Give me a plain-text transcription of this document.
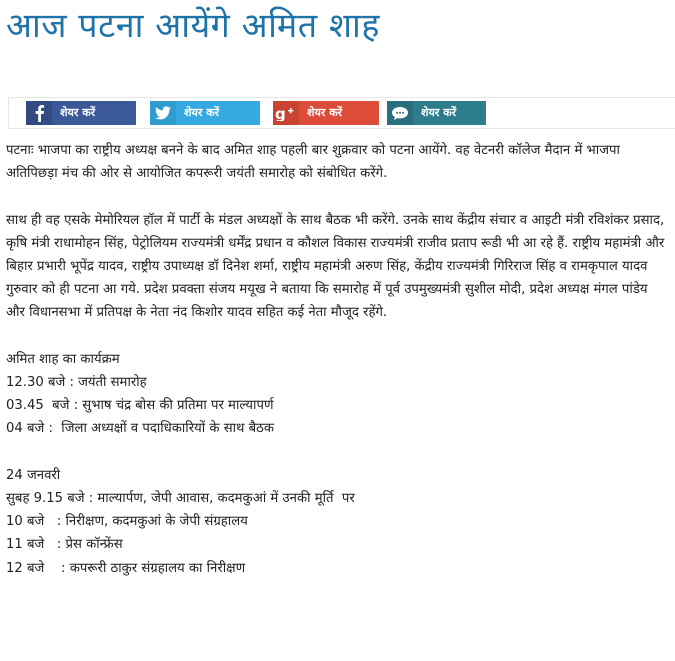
आज पटना आयेंगे अमित शाह
शेयर करें	शेयर करें	g शेयर करें	शेयर करें

पटनाः भाजपा का राष्ट्रीय अध्यक्ष बनने के बाद अमित शाह पहली बार शुक्रवार को पटना आयेंगे. वह वेटनरी कॉलेज मैदान में भाजपा अतिपिछड़ा मंच की ओर से आयोजित कपरूरी जयंती समारोह को संबोधित करेंगे.

साथ ही वह एसके मेमोरियल हॉल में पार्टी के मंडल अध्यक्षों के साथ बैठक भी करेंगे. उनके साथ केंद्रीय संचार व आइटी मंत्री रविशंकर प्रसाद, कृषि मंत्री राधामोहन सिंह, पेट्रोलियम राज्यमंत्री धर्मेंद्र प्रधान व कौशल विकास राज्यमंत्री राजीव प्रताप रूडी भी आ रहे हैं. राष्ट्रीय महामंत्री और बिहार प्रभारी भूपेंद्र यादव, राष्ट्रीय उपाध्यक्ष डॉ दिनेश शर्मा, राष्ट्रीय महामंत्री अरुण सिंह, केंद्रीय राज्यमंत्री गिरिराज सिंह व रामकृपाल यादव गुरुवार को ही पटना आ गये. प्रदेश प्रवक्ता संजय मयूख ने बताया कि समारोह में पूर्व उपमुख्यमंत्री सुशील मोदी, प्रदेश अध्यक्ष मंगल पांडेय और विधानसभा में प्रतिपक्ष के नेता नंद किशोर यादव सहित कई नेता मौजूद रहेंगे.

अमित शाह का कार्यक्रम

12.30 बजे : जयंती समारोह

03.45  बजे : सुभाष चंद्र बोस की प्रतिमा पर माल्यापर्ण

04 बजे :  जिला अध्यक्षों व पदाधिकारियों के साथ बैठक

24 जनवरी

सुबह 9.15 बजे : माल्यार्पण, जेपी आवास, कदमकुआं में उनकी मूर्ति  पर

10 बजे   : निरीक्षण, कदमकुआं के जेपी संग्रहालय

11 बजे   : प्रेस कॉन्फ्रेंस

12 बजे    : कपरूरी ठाकुर संग्रहालय का निरीक्षण
